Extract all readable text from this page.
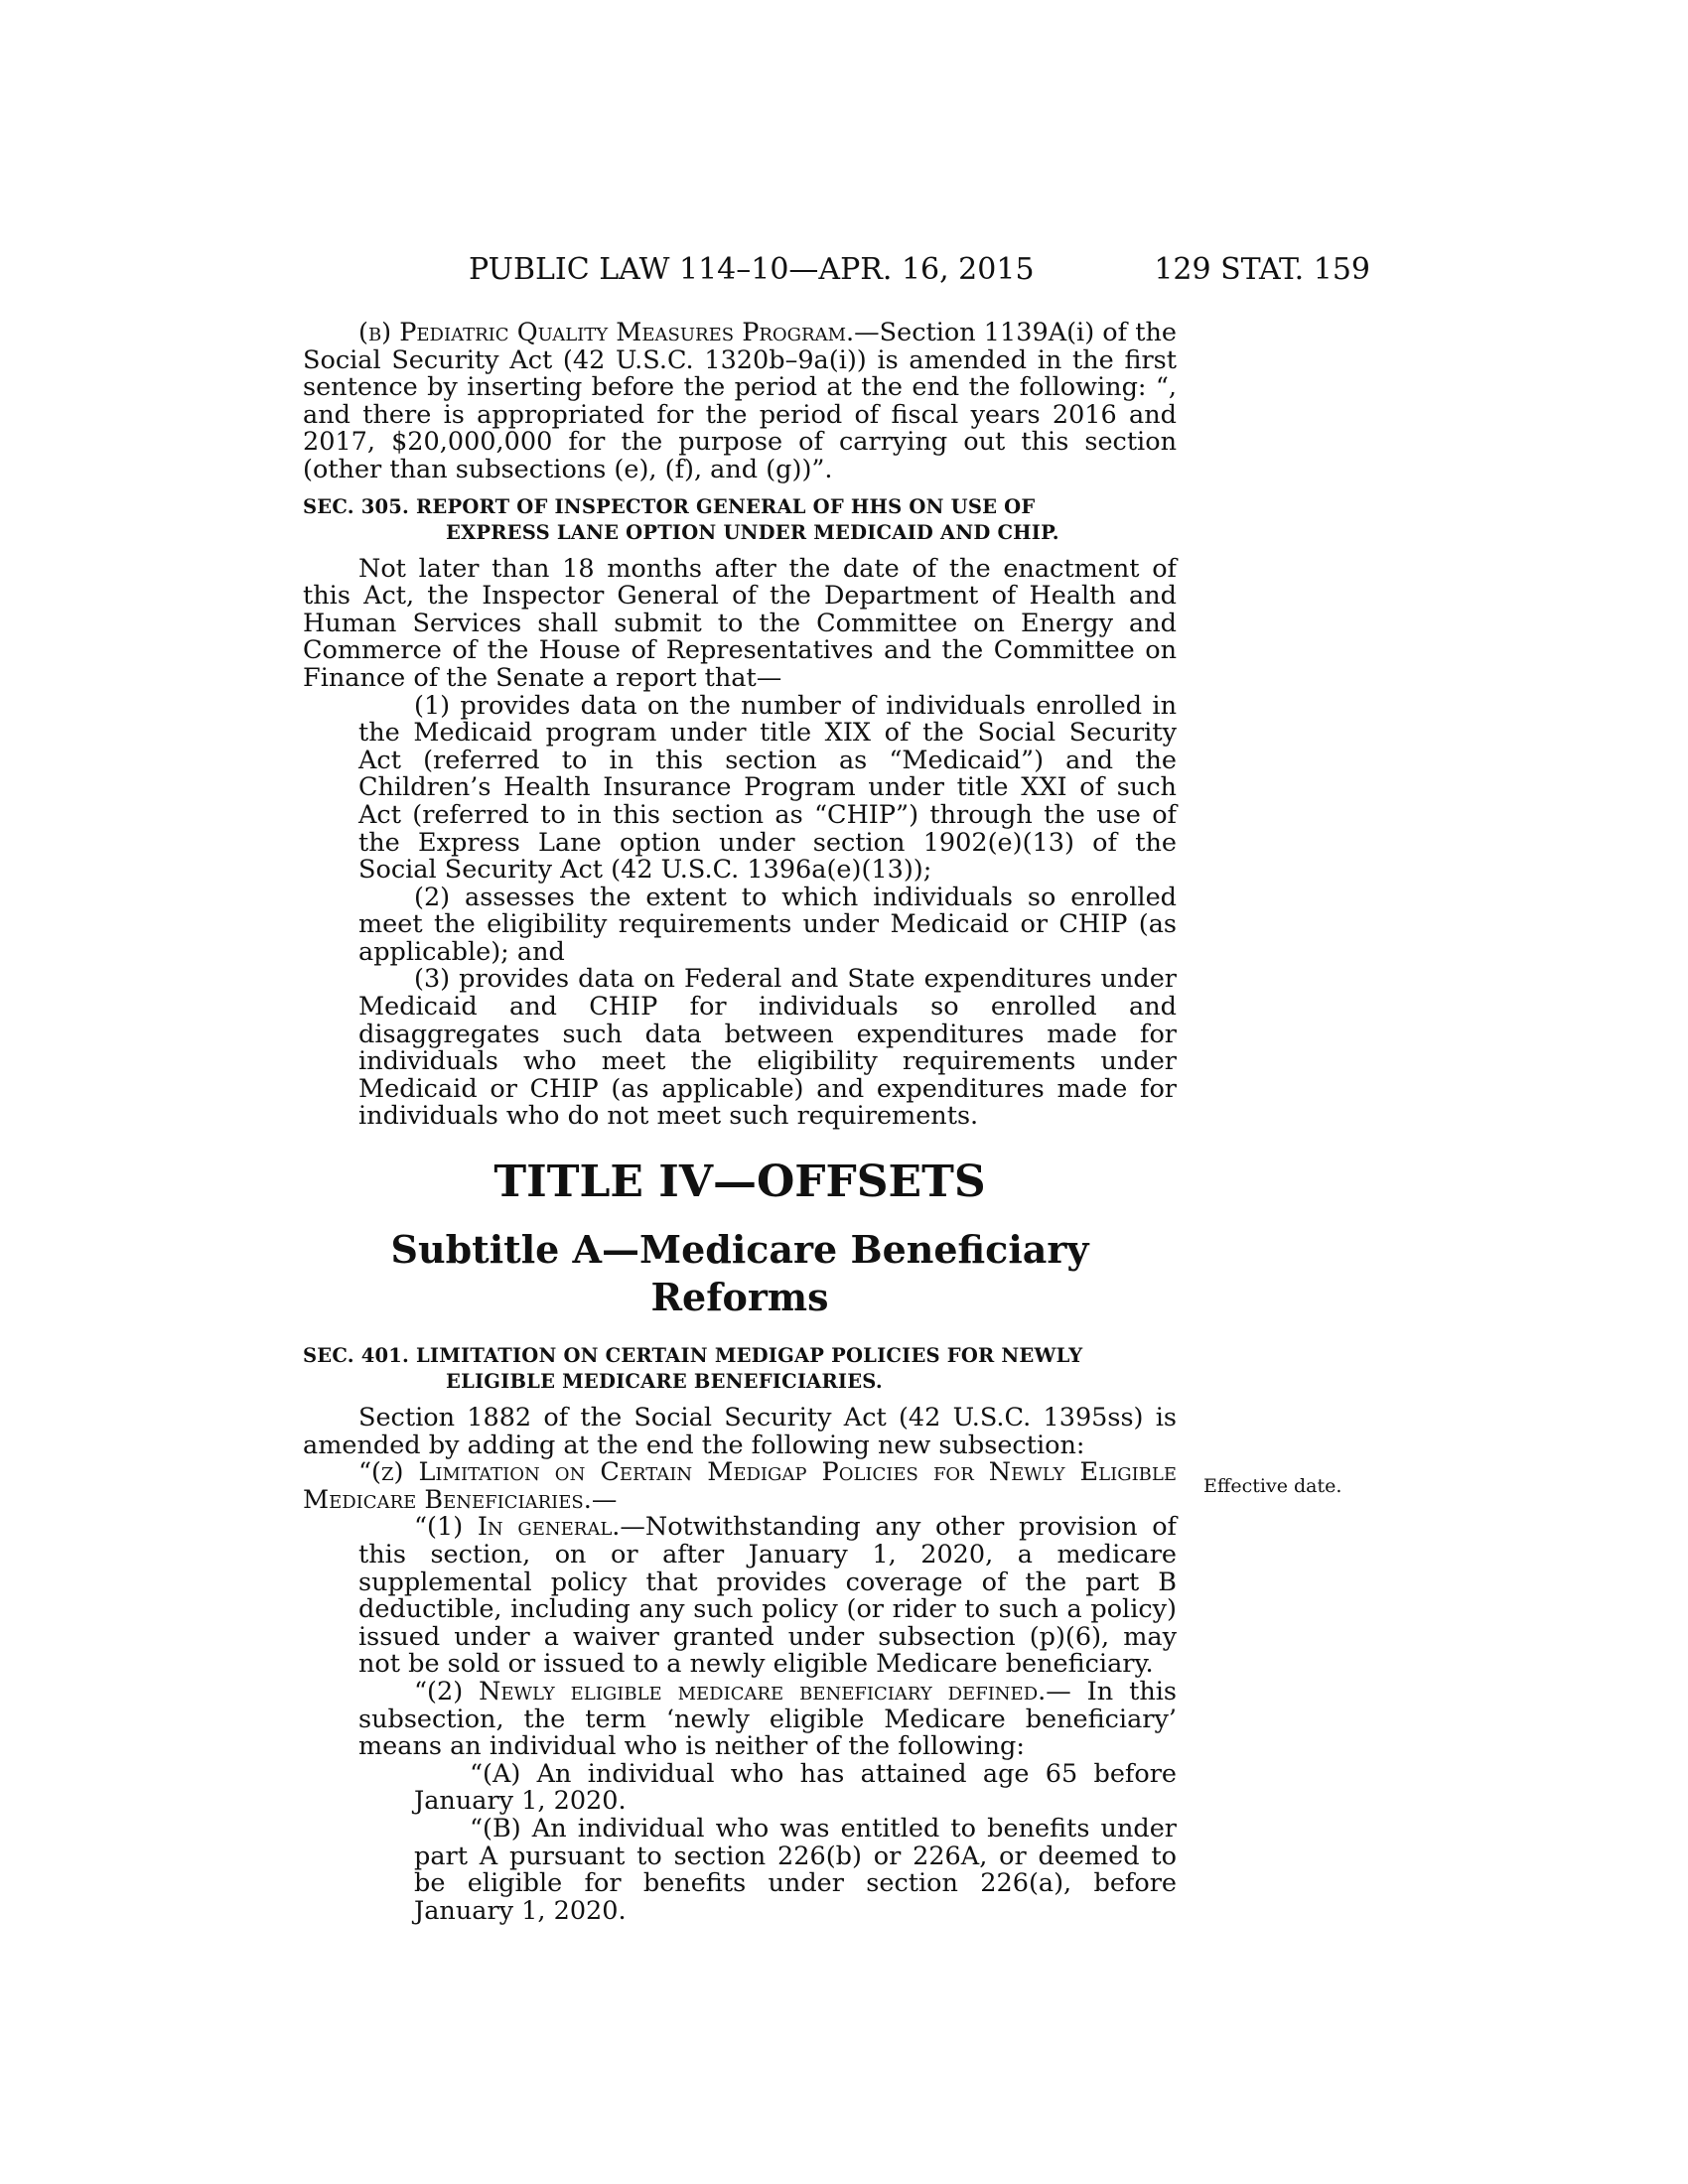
PUBLIC LAW 114–10—APR. 16, 2015	129 STAT. 159

(b) Pediatric Quality Measures Program.—Section 1139A(i) of the Social Security Act (42 U.S.C. 1320b–9a(i)) is amended in the first sentence by inserting before the period at the end the following: “, and there is appropriated for the period of fiscal years 2016 and 2017, $20,000,000 for the purpose of carrying out this section (other than subsections (e), (f), and (g))”.

SEC. 305. REPORT OF INSPECTOR GENERAL OF HHS ON USE OF
EXPRESS LANE OPTION UNDER MEDICAID AND CHIP.

Not later than 18 months after the date of the enactment of this Act, the Inspector General of the Department of Health and Human Services shall submit to the Committee on Energy and Commerce of the House of Representatives and the Committee on Finance of the Senate a report that—

(1) provides data on the number of individuals enrolled in the Medicaid program under title XIX of the Social Security Act (referred to in this section as “Medicaid”) and the Children’s Health Insurance Program under title XXI of such Act (referred to in this section as “CHIP”) through the use of the Express Lane option under section 1902(e)(13) of the Social Security Act (42 U.S.C. 1396a(e)(13));

(2) assesses the extent to which individuals so enrolled meet the eligibility requirements under Medicaid or CHIP (as applicable); and

(3) provides data on Federal and State expenditures under Medicaid and CHIP for individuals so enrolled and disaggregates such data between expenditures made for individuals who meet the eligibility requirements under Medicaid or CHIP (as applicable) and expenditures made for individuals who do not meet such requirements.

TITLE IV—OFFSETS
Subtitle A—Medicare Beneficiary Reforms
SEC. 401. LIMITATION ON CERTAIN MEDIGAP POLICIES FOR NEWLY
ELIGIBLE MEDICARE BENEFICIARIES.

Section 1882 of the Social Security Act (42 U.S.C. 1395ss) is amended by adding at the end the following new subsection:

“(z) Limitation on Certain Medigap Policies for Newly Eligible Medicare Beneficiaries.—

“(1) In general.—Notwithstanding any other provision of this section, on or after January 1, 2020, a medicare supplemental policy that provides coverage of the part B deductible, including any such policy (or rider to such a policy) issued under a waiver granted under subsection (p)(6), may not be sold or issued to a newly eligible Medicare beneficiary.

“(2) Newly eligible medicare beneficiary defined.— In this subsection, the term ‘newly eligible Medicare beneficiary’ means an individual who is neither of the following:

“(A) An individual who has attained age 65 before January 1, 2020.

“(B) An individual who was entitled to benefits under part A pursuant to section 226(b) or 226A, or deemed to be eligible for benefits under section 226(a), before January 1, 2020.

Effective date.
